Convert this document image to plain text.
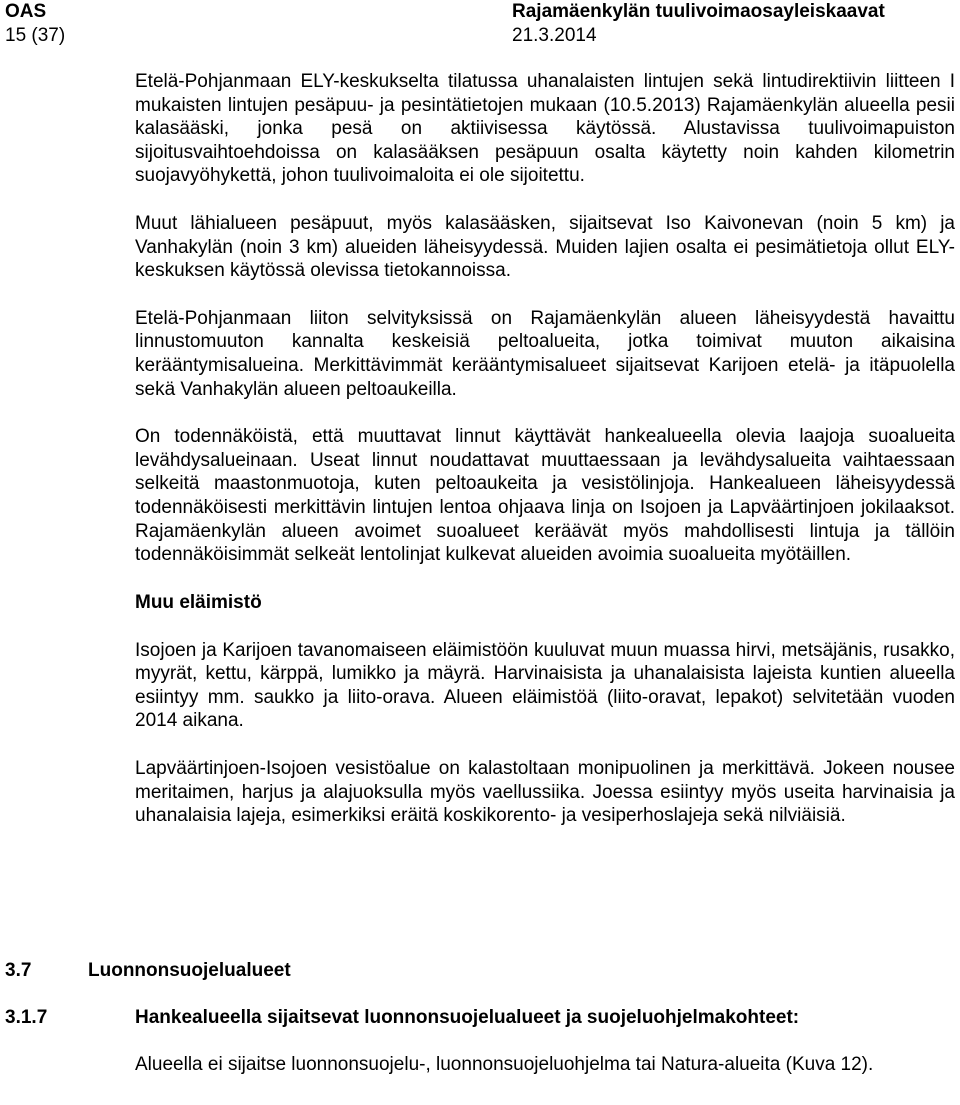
OAS
15 (37)
Rajamäenkylän tuulivoimaosayleiskaavat
21.3.2014

Etelä-Pohjanmaan ELY-keskukselta tilatussa uhanalaisten lintujen sekä lintudirektiivin liitteen I mukaisten lintujen pesäpuu- ja pesintätietojen mukaan (10.5.2013) Rajamäenkylän alueella pesii kalasääski, jonka pesä on aktiivisessa käytössä. Alustavissa tuulivoimapuiston sijoitusvaihtoehdoissa on kalasääksen pesäpuun osalta käytetty noin kahden kilometrin suojavyöhykettä, johon tuulivoimaloita ei ole sijoitettu.

Muut lähialueen pesäpuut, myös kalasääsken, sijaitsevat Iso Kaivonevan (noin 5 km) ja Vanhakylän (noin 3 km) alueiden läheisyydessä. Muiden lajien osalta ei pesimätietoja ollut ELY-keskuksen käytössä olevissa tietokannoissa.

Etelä-Pohjanmaan liiton selvityksissä on Rajamäenkylän alueen läheisyydestä havaittu linnustomuuton kannalta keskeisiä peltoalueita, jotka toimivat muuton aikaisina kerääntymisalueina. Merkittävimmät kerääntymisalueet sijaitsevat Karijoen etelä- ja itäpuolella sekä Vanhakylän alueen peltoaukeilla.

On todennäköistä, että muuttavat linnut käyttävät hankealueella olevia laajoja suoalueita levähdysalueinaan. Useat linnut noudattavat muuttaessaan ja levähdysalueita vaihtaessaan selkeitä maastonmuotoja, kuten peltoaukeita ja vesistölinjoja. Hankealueen läheisyydessä todennäköisesti merkittävin lintujen lentoa ohjaava linja on Isojoen ja Lapväärtinjoen jokilaaksot. Rajamäenkylän alueen avoimet suoalueet keräävät myös mahdollisesti lintuja ja tällöin todennäköisimmät selkeät lentolinjat kulkevat alueiden avoimia suoalueita myötäillen.

Muu eläimistö

Isojoen ja Karijoen tavanomaiseen eläimistöön kuuluvat muun muassa hirvi, metsäjänis, rusakko, myyrät, kettu, kärppä, lumikko ja mäyrä. Harvinaisista ja uhanalaisista lajeista kuntien alueella esiintyy mm. saukko ja liito-orava. Alueen eläimistöä (liito-oravat, lepakot) selvitetään vuoden 2014 aikana.

Lapväärtinjoen-Isojoen vesistöalue on kalastoltaan monipuolinen ja merkittävä. Jokeen nousee meritaimen, harjus ja alajuoksulla myös vaellussiika. Joessa esiintyy myös useita harvinaisia ja uhanalaisia lajeja, esimerkiksi eräitä koskikorento- ja vesiperhoslajeja sekä nilviäisiä.

3.7	Luonnonsuojelualueet
3.1.7	Hankealueella sijaitsevat luonnonsuojelualueet ja suojeluohjelmakohteet:

Alueella ei sijaitse luonnonsuojelu-, luonnonsuojeluohjelma tai Natura-alueita (Kuva 12).
